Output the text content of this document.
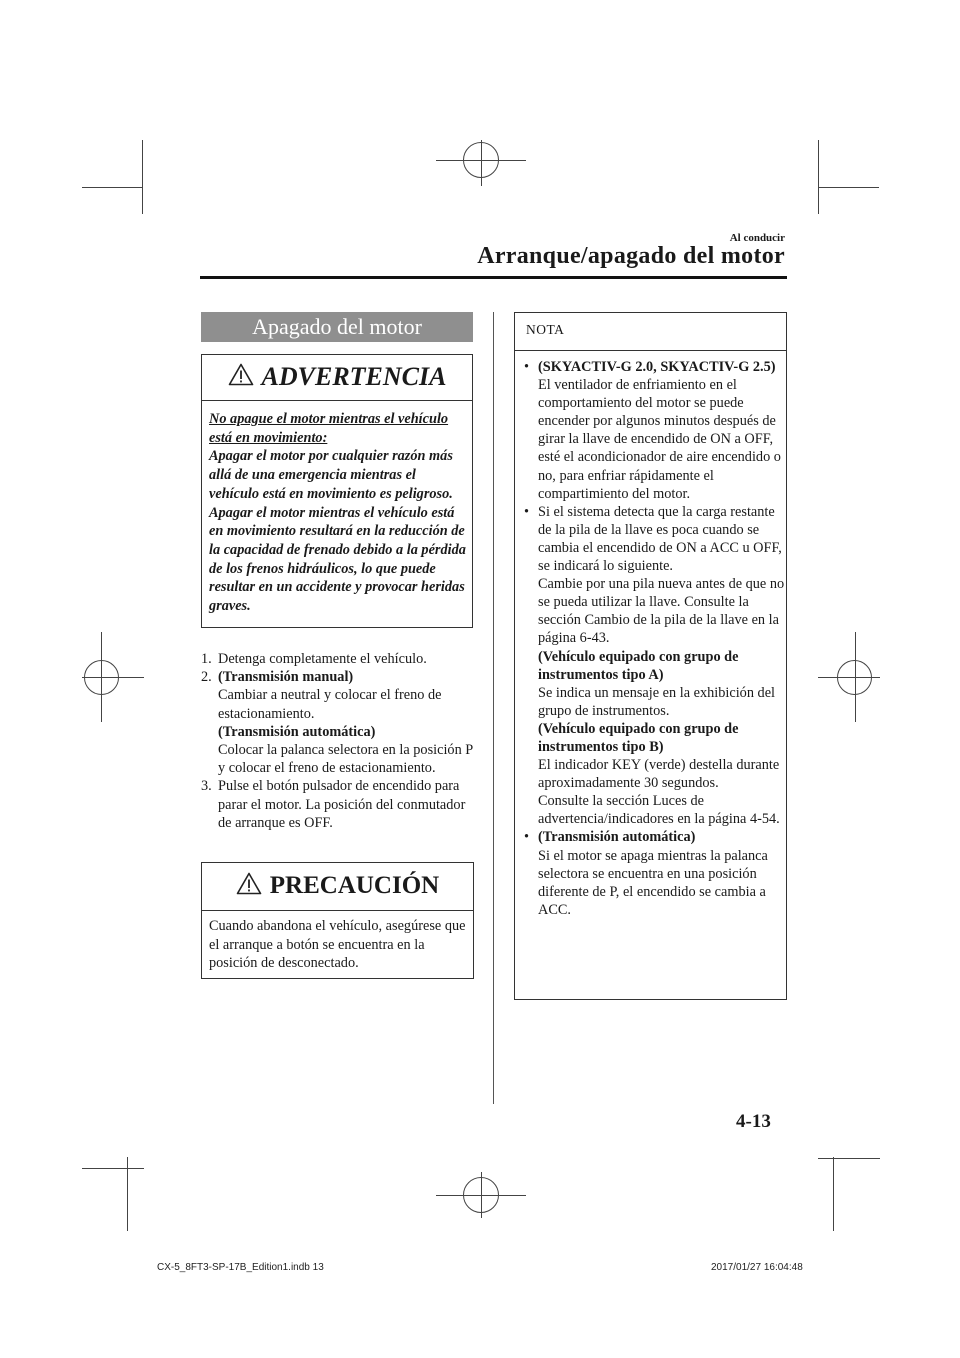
Al conducir
Arranque/apagado del motor
Apagado del motor
ADVERTENCIA
No apague el motor mientras el vehículo está en movimiento:
Apagar el motor por cualquier razón más allá de una emergencia mientras el vehículo está en movimiento es peligroso. Apagar el motor mientras el vehículo está en movimiento resultará en la reducción de la capacidad de frenado debido a la pérdida de los frenos hidráulicos, lo que puede resultar en un accidente y provocar heridas graves.
1. Detenga completamente el vehículo.
2. (Transmisión manual)
Cambiar a neutral y colocar el freno de estacionamiento.
(Transmisión automática)
Colocar la palanca selectora en la posición P y colocar el freno de estacionamiento.
3. Pulse el botón pulsador de encendido para parar el motor. La posición del conmutador de arranque es OFF.
PRECAUCIÓN
Cuando abandona el vehículo, asegúrese que el arranque a botón se encuentra en la posición de desconectado.
NOTA
• (SKYACTIV-G 2.0, SKYACTIV-G 2.5)
El ventilador de enfriamiento en el comportamiento del motor se puede encender por algunos minutos después de girar la llave de encendido de ON a OFF, esté el acondicionador de aire encendido o no, para enfriar rápidamente el compartimiento del motor.
• Si el sistema detecta que la carga restante de la pila de la llave es poca cuando se cambia el encendido de ON a ACC u OFF, se indicará lo siguiente.
Cambie por una pila nueva antes de que no se pueda utilizar la llave. Consulte la sección Cambio de la pila de la llave en la página 6-43.
(Vehículo equipado con grupo de instrumentos tipo A)
Se indica un mensaje en la exhibición del grupo de instrumentos.
(Vehículo equipado con grupo de instrumentos tipo B)
El indicador KEY (verde) destella durante aproximadamente 30 segundos.
Consulte la sección Luces de advertencia/indicadores en la página 4-54.
• (Transmisión automática)
Si el motor se apaga mientras la palanca selectora se encuentra en una posición diferente de P, el encendido se cambia a ACC.
4-13
CX-5_8FT3-SP-17B_Edition1.indb 13	2017/01/27 16:04:48
